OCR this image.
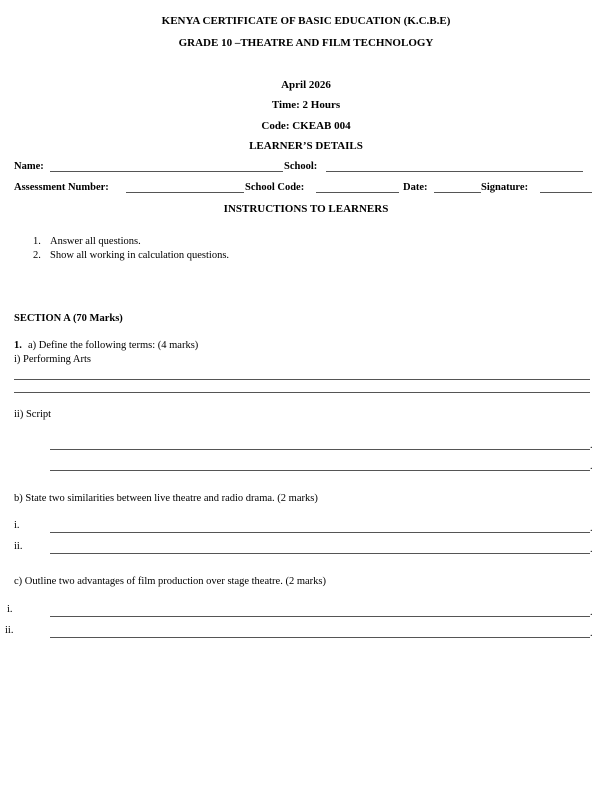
KENYA CERTIFICATE OF BASIC EDUCATION (K.C.B.E)
GRADE 10 –THEATRE AND FILM TECHNOLOGY
April 2026
Time: 2 Hours
Code: CKEAB 004
LEARNER’S DETAILS
Name:	School:
Assessment Number:	School Code:	Date:	Signature:
INSTRUCTIONS TO LEARNERS
1. Answer all questions.
2. Show all working in calculation questions.
SECTION A (70 Marks)
1. a) Define the following terms: (4 marks)
i) Performing Arts
ii) Script
.
.
b) State two similarities between live theatre and radio drama. (2 marks)
i.	.
ii.	.
c) Outline two advantages of film production over stage theatre. (2 marks)
i.	.
ii.	.
